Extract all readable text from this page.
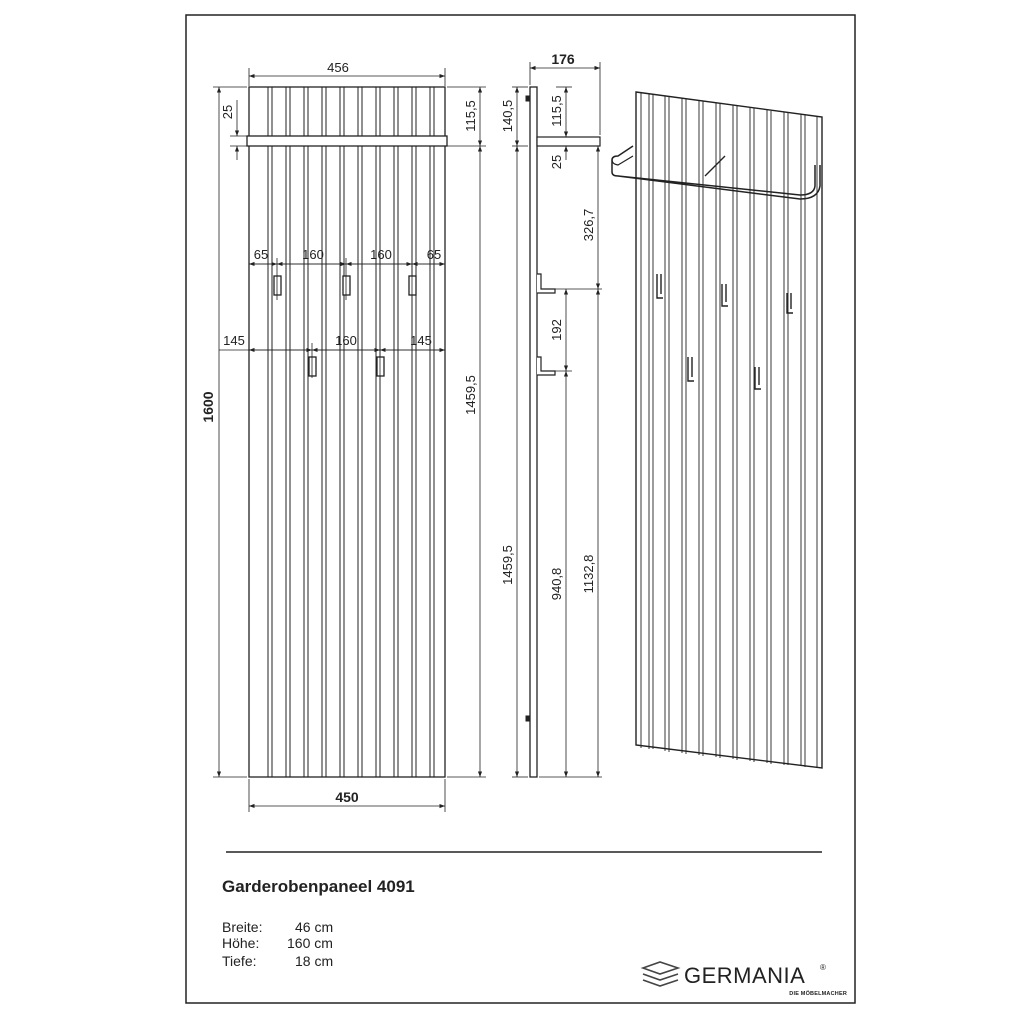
456
450
1600
25	115,5
1459,5
65	160	160	65
145	160	145
176
140,5	115,5
25
326,7
192
1459,5	940,8 1132,8
Garderobenpaneel 4091
Breite: 46 cm
Höhe: 160 cm
Tiefe:	18 cm
GERMANIA ®
DIE MÖBELMACHER
